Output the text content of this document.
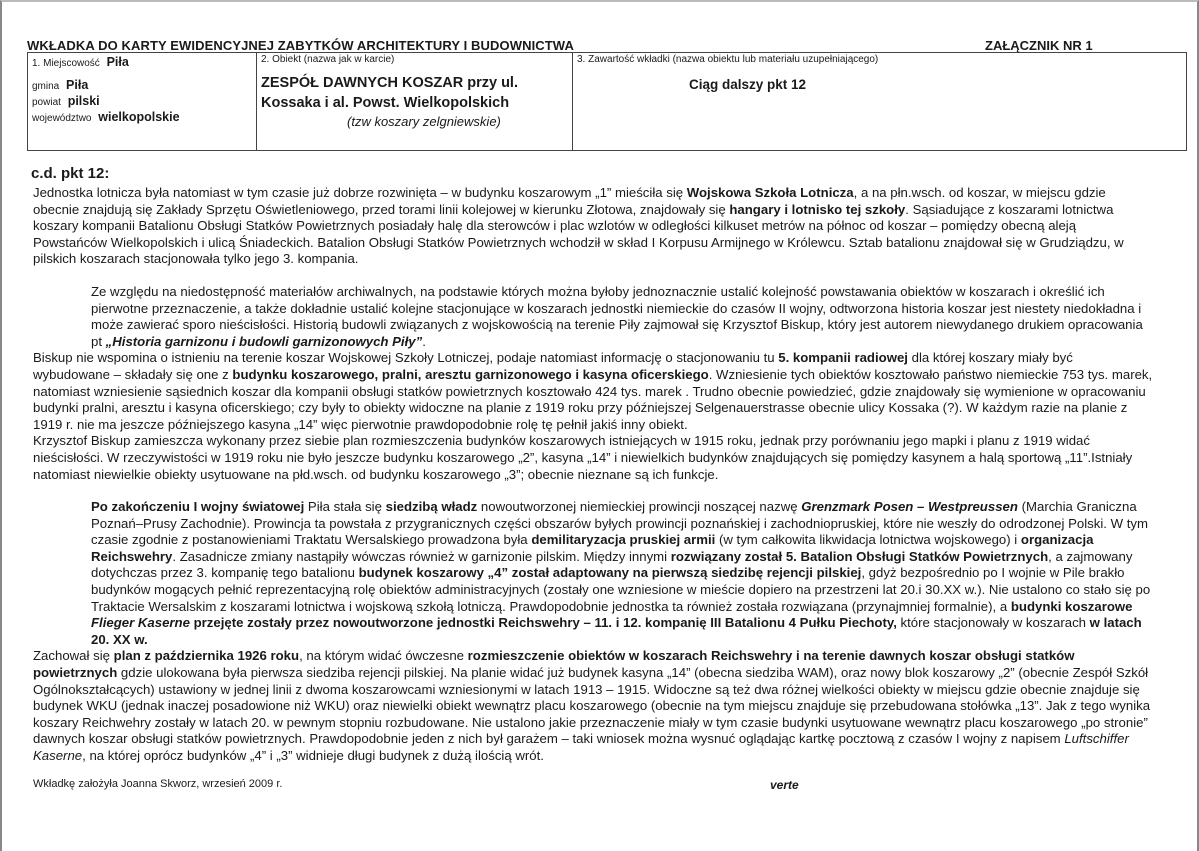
WKŁADKA DO KARTY EWIDENCYJNEJ ZABYTKÓW ARCHITEKTURY I BUDOWNICTWA	ZAŁĄCZNIK NR 1
1. Miejscowość Piła
gmina Piła
powiat pilski
województwo wielkopolskie
2. Obiekt (nazwa jak w karcie)
ZESPÓŁ DAWNYCH KOSZAR przy ul.
Kossaka i al. Powst. Wielkopolskich
(tzw koszary zelgniewskie)
3. Zawartość wkładki (nazwa obiektu lub materiału uzupełniającego)
Ciąg dalszy pkt 12
c.d. pkt 12:

Jednostka lotnicza była natomiast w tym czasie już dobrze rozwinięta – w budynku koszarowym „1” mieściła się Wojskowa Szkoła Lotnicza, a na płn.wsch. od koszar, w miejscu gdzie obecnie znajdują się Zakłady Sprzętu Oświetleniowego, przed torami linii kolejowej w kierunku Złotowa, znajdowały się hangary i lotnisko tej szkoły. Sąsiadujące z koszarami lotnictwa koszary kompanii Batalionu Obsługi Statków Powietrznych posiadały halę dla sterowców i plac wzlotów w odległości kilkuset metrów na północ od koszar – pomiędzy obecną aleją Powstańców Wielkopolskich i ulicą Śniadeckich. Batalion Obsługi Statków Powietrznych wchodził w skład I Korpusu Armijnego w Królewcu. Sztab batalionu znajdował się w Grudziądzu, w pilskich koszarach stacjonowała tylko jego 3. kompania.

Ze względu na niedostępność materiałów archiwalnych, na podstawie których można byłoby jednoznacznie ustalić kolejność powstawania obiektów w koszarach i określić ich pierwotne przeznaczenie, a także dokładnie ustalić kolejne stacjonujące w koszarach jednostki niemieckie do czasów II wojny, odtworzona historia koszar jest niestety niedokładna i może zawierać sporo nieścisłości. Historią budowli związanych z wojskowością na terenie Piły zajmował się Krzysztof Biskup, który jest autorem niewydanego drukiem opracowania pt „Historia garnizonu i budowli garnizonowych Piły”.

Biskup nie wspomina o istnieniu na terenie koszar Wojskowej Szkoły Lotniczej, podaje natomiast informację o stacjonowaniu tu 5. kompanii radiowej dla której koszary miały być wybudowane – składały się one z budynku koszarowego, pralni, aresztu garnizonowego i kasyna oficerskiego. Wzniesienie tych obiektów kosztowało państwo niemieckie 753 tys. marek, natomiast wzniesienie sąsiednich koszar dla kompanii obsługi statków powietrznych kosztowało 424 tys. marek . Trudno obecnie powiedzieć, gdzie znajdowały się wymienione w opracowaniu budynki pralni, aresztu i kasyna oficerskiego; czy były to obiekty widoczne na planie z 1919 roku przy późniejszej Selgenauerstrasse obecnie ulicy Kossaka (?). W każdym razie na planie z 1919 r. nie ma jeszcze późniejszego kasyna „14” więc pierwotnie prawdopodobnie rolę tę pełnił jakiś inny obiekt.

Krzysztof Biskup zamieszcza wykonany przez siebie plan rozmieszczenia budynków koszarowych istniejących w 1915 roku, jednak przy porównaniu jego mapki i planu z 1919 widać nieścisłości. W rzeczywistości w 1919 roku nie było jeszcze budynku koszarowego „2”, kasyna „14” i niewielkich budynków znajdujących się pomiędzy kasynem a halą sportową „11”.Istniały natomiast niewielkie obiekty usytuowane na płd.wsch. od budynku koszarowego „3”; obecnie nieznane są ich funkcje.

Po zakończeniu I wojny światowej Piła stała się siedzibą władz nowoutworzonej niemieckiej prowincji noszącej nazwę Grenzmark Posen – Westpreussen (Marchia Graniczna Poznań–Prusy Zachodnie). Prowincja ta powstała z przygranicznych części obszarów byłych prowincji poznańskiej i zachodniopruskiej, które nie weszły do odrodzonej Polski. W tym czasie zgodnie z postanowieniami Traktatu Wersalskiego prowadzona była demilitaryzacja pruskiej armii (w tym całkowita likwidacja lotnictwa wojskowego) i organizacja Reichswehry. Zasadnicze zmiany nastąpiły wówczas również w garnizonie pilskim. Między innymi rozwiązany został 5. Batalion Obsługi Statków Powietrznych, a zajmowany dotychczas przez 3. kompanię tego batalionu budynek koszarowy „4” został adaptowany na pierwszą siedzibę rejencji pilskiej, gdyż bezpośrednio po I wojnie w Pile brakło budynków mogących pełnić reprezentacyjną rolę obiektów administracyjnych (zostały one wzniesione w mieście dopiero na przestrzeni lat 20.i 30.XX w.). Nie ustalono co stało się po Traktacie Wersalskim z koszarami lotnictwa i wojskową szkołą lotniczą. Prawdopodobnie jednostka ta również została rozwiązana (przynajmniej formalnie), a budynki koszarowe Flieger Kaserne przejęte zostały przez nowoutworzone jednostki Reichswehry – 11. i 12. kompanię III Batalionu 4 Pułku Piechoty, które stacjonowały w koszarach w latach 20. XX w.

Zachował się plan z października 1926 roku, na którym widać ówczesne rozmieszczenie obiektów w koszarach Reichswehry i na terenie dawnych koszar obsługi statków powietrznych gdzie ulokowana była pierwsza siedziba rejencji pilskiej. Na planie widać już budynek kasyna „14” (obecna siedziba WAM), oraz nowy blok koszarowy „2” (obecnie Zespół Szkół Ogólnokształcących) ustawiony w jednej linii z dwoma koszarowcami wzniesionymi w latach 1913 – 1915. Widoczne są też dwa różnej wielkości obiekty w miejscu gdzie obecnie znajduje się budynek WKU (jednak inaczej posadowione niż WKU) oraz niewielki obiekt wewnątrz placu koszarowego (obecnie na tym miejscu znajduje się przebudowana stołówka „13”. Jak z tego wynika koszary Reichwehry zostały w latach 20. w pewnym stopniu rozbudowane. Nie ustalono jakie przeznaczenie miały w tym czasie budynki usytuowane wewnątrz placu koszarowego „po stronie” dawnych koszar obsługi statków powietrznych. Prawdopodobnie jeden z nich był garażem – taki wniosek można wysnuć oglądając kartkę pocztową z czasów I wojny z napisem Luftschiffer Kaserne, na której oprócz budynków „4” i „3” widnieje długi budynek z dużą ilością wrót.

Wkładkę założyła Joanna Skworz, wrzesień 2009 r.	verte
